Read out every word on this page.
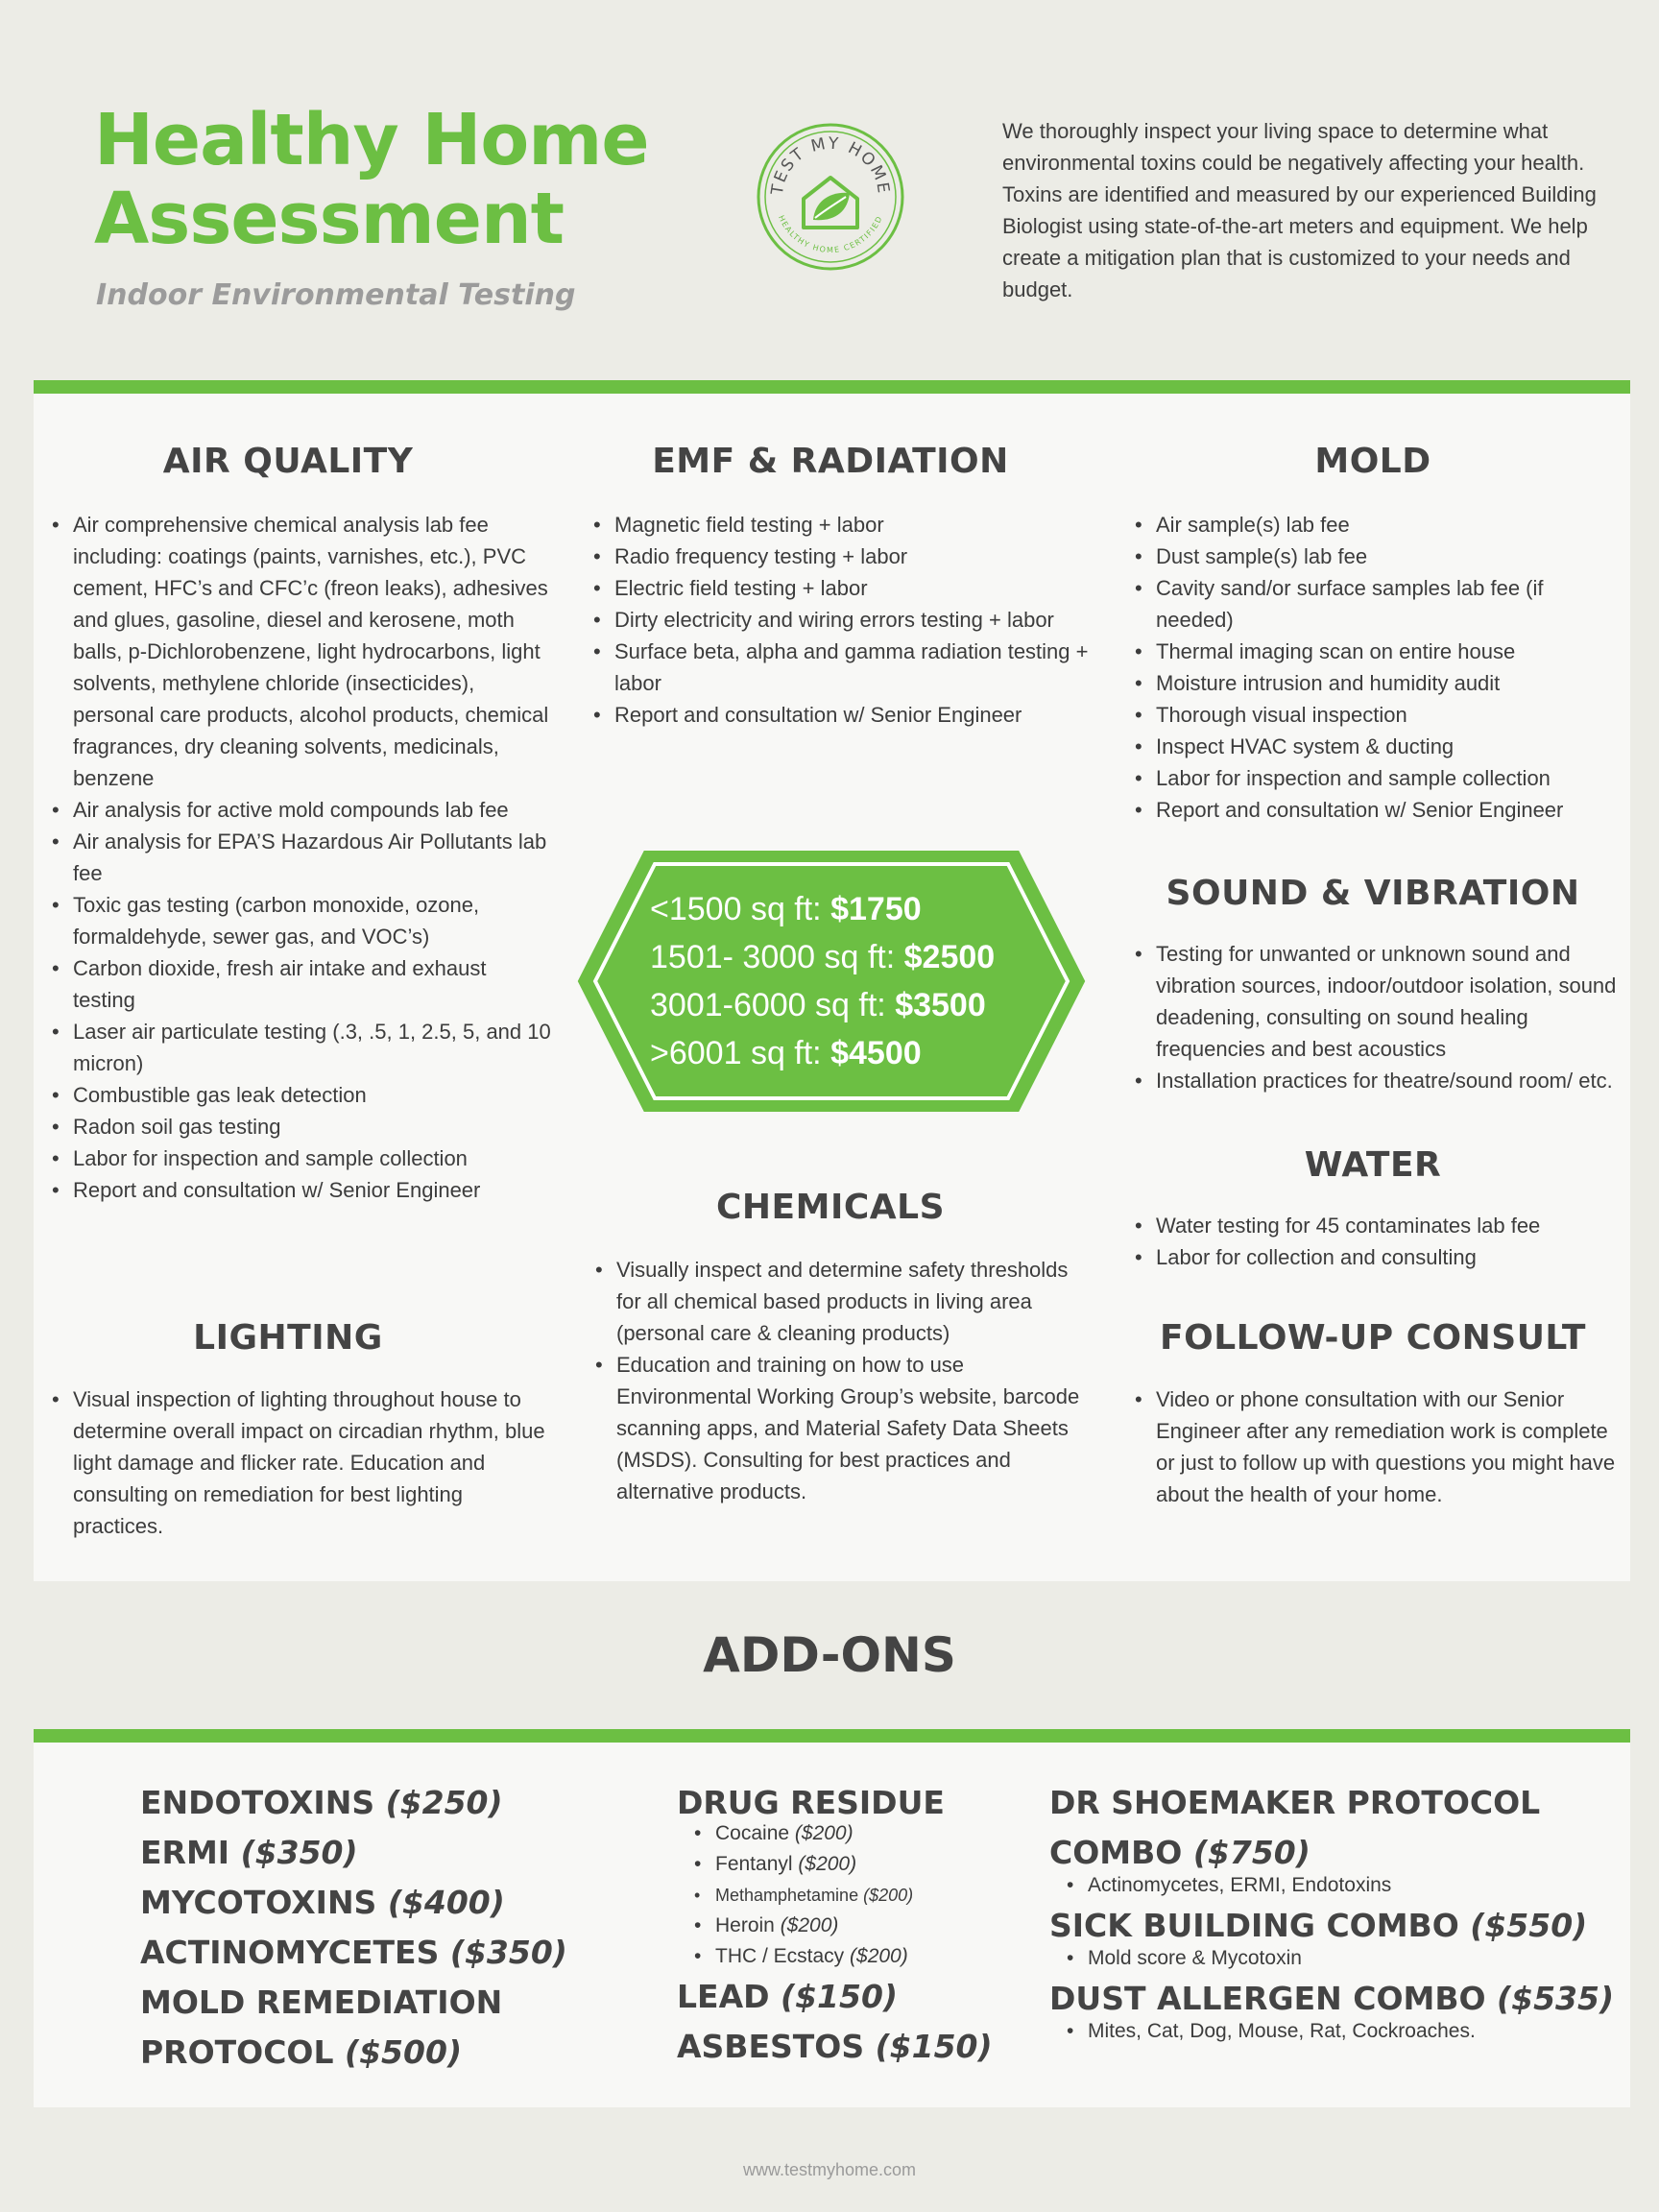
Healthy Home
Assessment
Indoor Environmental Testing
TEST MY HOME
HEALTHY HOME CERTIFIED
We thoroughly inspect your living space to determine what environmental toxins could be negatively affecting your health. Toxins are identified and measured by our experienced Building Biologist using state-of-the-art meters and equipment. We help create a mitigation plan that is customized to your needs and budget.
AIR QUALITY
• Air comprehensive chemical analysis lab fee including: coatings (paints, varnishes, etc.), PVC cement, HFC’s and CFC’c (freon leaks), adhesives and glues, gasoline, diesel and kerosene, moth balls, p-Dichlorobenzene, light hydrocarbons, light solvents, methylene chloride (insecticides), personal care products, alcohol products, chemical fragrances, dry cleaning solvents, medicinals, benzene
• Air analysis for active mold compounds lab fee
• Air analysis for EPA’S Hazardous Air Pollutants lab fee
• Toxic gas testing (carbon monoxide, ozone, formaldehyde, sewer gas, and VOC’s)
• Carbon dioxide, fresh air intake and exhaust testing
• Laser air particulate testing (.3, .5, 1, 2.5, 5, and 10 micron)
• Combustible gas leak detection
• Radon soil gas testing
• Labor for inspection and sample collection
• Report and consultation w/ Senior Engineer
EMF & RADIATION
• Magnetic field testing + labor
• Radio frequency testing + labor
• Electric field testing + labor
• Dirty electricity and wiring errors testing + labor
• Surface beta, alpha and gamma radiation testing + labor
• Report and consultation w/ Senior Engineer
MOLD
• Air sample(s) lab fee
• Dust sample(s) lab fee
• Cavity sand/or surface samples lab fee (if needed)
• Thermal imaging scan on entire house
• Moisture intrusion and humidity audit
• Thorough visual inspection
• Inspect HVAC system & ducting
• Labor for inspection and sample collection
• Report and consultation w/ Senior Engineer
<1500 sq ft: $1750
1501- 3000 sq ft: $2500
3001-6000 sq ft: $3500
>6001 sq ft: $4500
SOUND & VIBRATION
• Testing for unwanted or unknown sound and vibration sources, indoor/outdoor isolation, sound deadening, consulting on sound healing frequencies and best acoustics
• Installation practices for theatre/sound room/ etc.
WATER
• Water testing for 45 contaminates lab fee
• Labor for collection and consulting
CHEMICALS
• Visually inspect and determine safety thresholds for all chemical based products in living area (personal care & cleaning products)
• Education and training on how to use Environmental Working Group’s website, barcode scanning apps, and Material Safety Data Sheets (MSDS). Consulting for best practices and alternative products.
LIGHTING
• Visual inspection of lighting throughout house to determine overall impact on circadian rhythm, blue light damage and flicker rate. Education and consulting on remediation for best lighting practices.
FOLLOW-UP CONSULT
• Video or phone consultation with our Senior Engineer after any remediation work is complete or just to follow up with questions you might have about the health of your home.
ADD-ONS
ENDOTOXINS ($250)
ERMI ($350)
MYCOTOXINS ($400)
ACTINOMYCETES ($350)
MOLD REMEDIATION
PROTOCOL ($500)
DRUG RESIDUE
• Cocaine ($200)
• Fentanyl ($200)
• Methamphetamine ($200)
• Heroin ($200)
• THC / Ecstacy ($200)
LEAD ($150)
ASBESTOS ($150)
DR SHOEMAKER PROTOCOL
COMBO ($750)
• Actinomycetes, ERMI, Endotoxins
SICK BUILDING COMBO ($550)
• Mold score & Mycotoxin
DUST ALLERGEN COMBO ($535)
• Mites, Cat, Dog, Mouse, Rat, Cockroaches.
www.testmyhome.com
